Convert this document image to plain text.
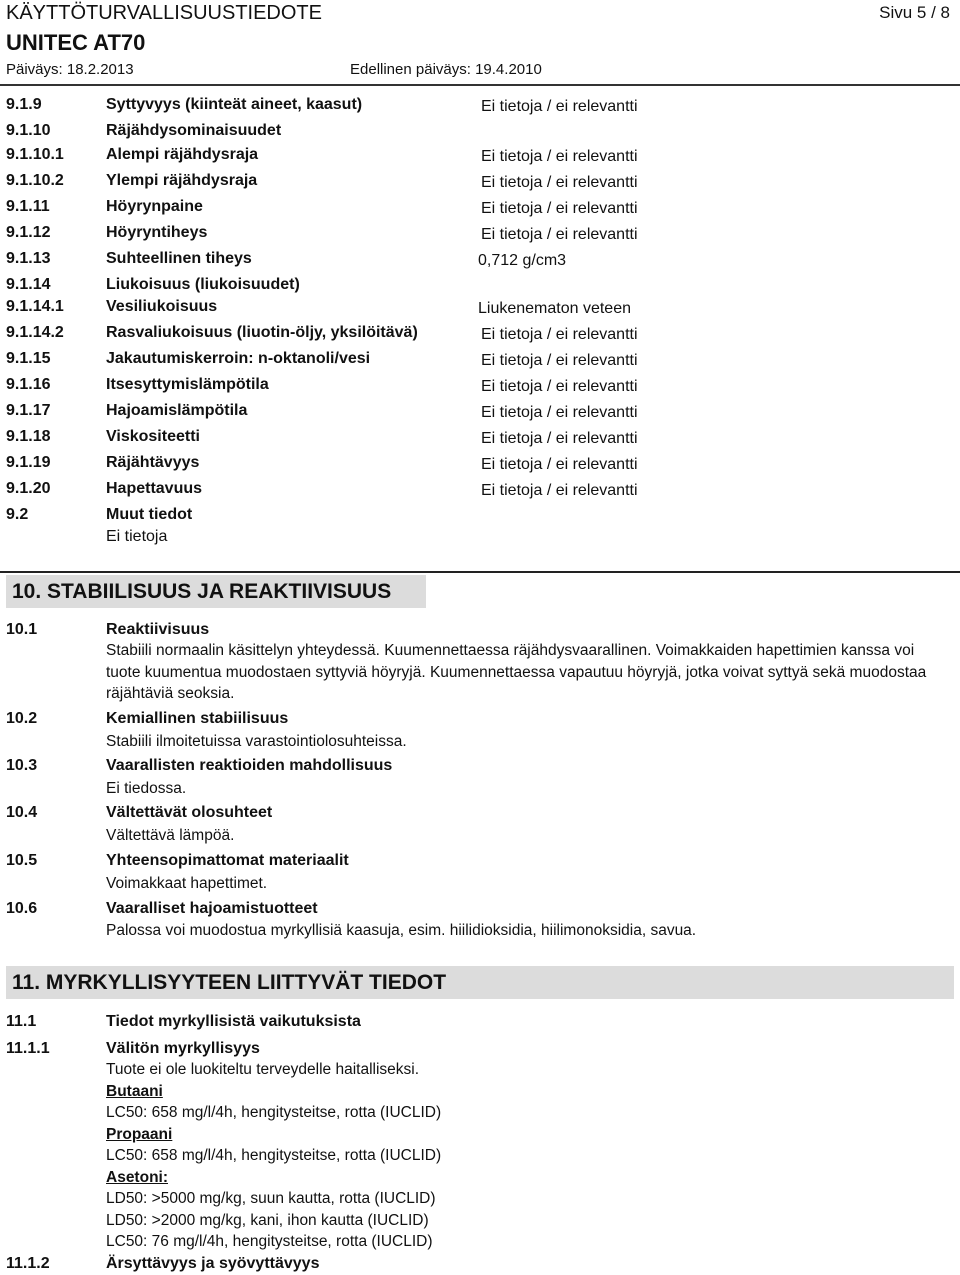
KÄYTTÖTURVALLISUUSTIEDOTE	Sivu 5 / 8
UNITEC AT70
Päiväys: 18.2.2013	Edellinen päiväys: 19.4.2010
9.1.9	Syttyvyys (kiinteät aineet, kaasut)	Ei tietoja / ei relevantti
9.1.10	Räjähdysominaisuudet
9.1.10.1	Alempi räjähdysraja	Ei tietoja / ei relevantti
9.1.10.2	Ylempi räjähdysraja	Ei tietoja / ei relevantti
9.1.11	Höyrynpaine	Ei tietoja / ei relevantti
9.1.12	Höyryntiheys	Ei tietoja / ei relevantti
9.1.13	Suhteellinen tiheys	0,712 g/cm3
9.1.14	Liukoisuus (liukoisuudet)
9.1.14.1	Vesiliukoisuus	Liukenematon veteen
9.1.14.2	Rasvaliukoisuus (liuotin-öljy, yksilöitävä)	Ei tietoja / ei relevantti
9.1.15	Jakautumiskerroin: n-oktanoli/vesi	Ei tietoja / ei relevantti
9.1.16	Itsesyttymislämpötila	Ei tietoja / ei relevantti
9.1.17	Hajoamislämpötila	Ei tietoja / ei relevantti
9.1.18	Viskositeetti	Ei tietoja / ei relevantti
9.1.19	Räjähtävyys	Ei tietoja / ei relevantti
9.1.20	Hapettavuus	Ei tietoja / ei relevantti
9.2	Muut tiedot
Ei tietoja
10. STABIILISUUS JA REAKTIIVISUUS
10.1	Reaktiivisuus
Stabiili normaalin käsittelyn yhteydessä. Kuumennettaessa räjähdysvaarallinen. Voimakkaiden hapettimien kanssa voi tuote kuumentua muodostaen syttyviä höyryjä. Kuumennettaessa vapautuu höyryjä, jotka voivat syttyä sekä muodostaa räjähtäviä seoksia.
10.2	Kemiallinen stabiilisuus
Stabiili ilmoitetuissa varastointiolosuhteissa.
10.3	Vaarallisten reaktioiden mahdollisuus
Ei tiedossa.
10.4	Vältettävät olosuhteet
Vältettävä lämpöä.
10.5	Yhteensopimattomat materiaalit
Voimakkaat hapettimet.
10.6	Vaaralliset hajoamistuotteet
Palossa voi muodostua myrkyllisiä kaasuja, esim. hiilidioksidia, hiilimonoksidia, savua.
11. MYRKYLLISYYTEEN LIITTYVÄT TIEDOT
11.1	Tiedot myrkyllisistä vaikutuksista
11.1.1	Välitön myrkyllisyys
Tuote ei ole luokiteltu terveydelle haitalliseksi.
Butaani
LC50: 658 mg/l/4h, hengitysteitse, rotta (IUCLID)
Propaani
LC50: 658 mg/l/4h, hengitysteitse, rotta (IUCLID)
Asetoni:
LD50: >5000 mg/kg, suun kautta, rotta (IUCLID)
LD50: >2000 mg/kg, kani, ihon kautta (IUCLID)
LC50: 76 mg/l/4h, hengitysteitse, rotta (IUCLID)
11.1.2	Ärsyttävyys ja syövyttävyys
